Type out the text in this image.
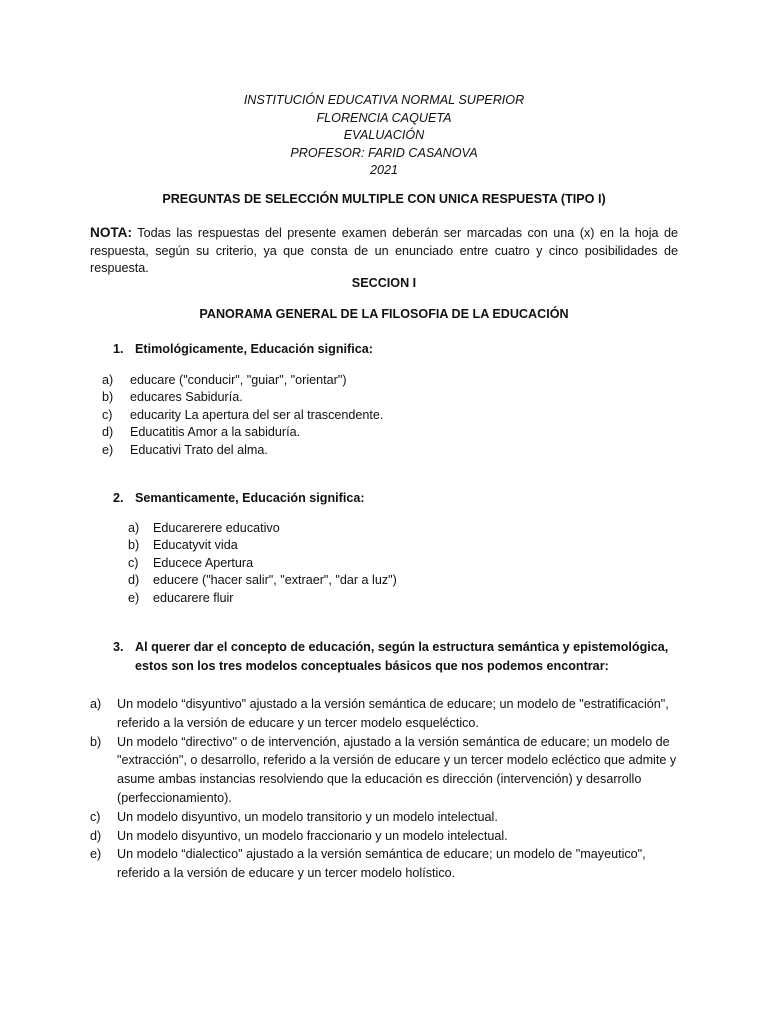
INSTITUCIÓN EDUCATIVA NORMAL SUPERIOR
FLORENCIA CAQUETA
EVALUACIÓN
PROFESOR: FARID CASANOVA
2021
PREGUNTAS DE SELECCIÓN MULTIPLE CON UNICA RESPUESTA (TIPO I)
NOTA: Todas las respuestas del presente examen deberán ser marcadas con una (x) en la hoja de respuesta, según su criterio, ya que consta de un enunciado entre cuatro y cinco posibilidades de respuesta.
SECCION I
PANORAMA GENERAL DE LA FILOSOFIA DE LA EDUCACIÓN
1. Etimológicamente, Educación significa:
a) educare ("conducir", "guiar", "orientar")
b) educares Sabiduría.
c) educarity La apertura del ser al trascendente.
d) Educatitis Amor a la sabiduría.
e) Educativi Trato del alma.
2. Semanticamente, Educación significa:
a) Educarerere educativo
b) Educatyvit vida
c) Educece Apertura
d) educere ("hacer salir", "extraer", "dar a luz")
e) educarere fluir
3. Al querer dar el concepto de educación, según la estructura semántica y epistemológica, estos son los tres modelos conceptuales básicos que nos podemos encontrar:
a) Un modelo “disyuntivo" ajustado a la versión semántica de educare; un modelo de "estratificación", referido a la versión de educare y un tercer modelo esqueléctico.
b) Un modelo “directivo" o de intervención, ajustado a la versión semántica de educare; un modelo de "extracción", o desarrollo, referido a la versión de educare y un tercer modelo ecléctico que admite y asume ambas instancias resolviendo que la educación es dirección (intervención) y desarrollo (perfeccionamiento).
c) Un modelo disyuntivo, un modelo transitorio y un modelo intelectual.
d) Un modelo disyuntivo, un modelo fraccionario y un modelo intelectual.
e) Un modelo “dialectico" ajustado a la versión semántica de educare; un modelo de "mayeutico", referido a la versión de educare y un tercer modelo holístico.
